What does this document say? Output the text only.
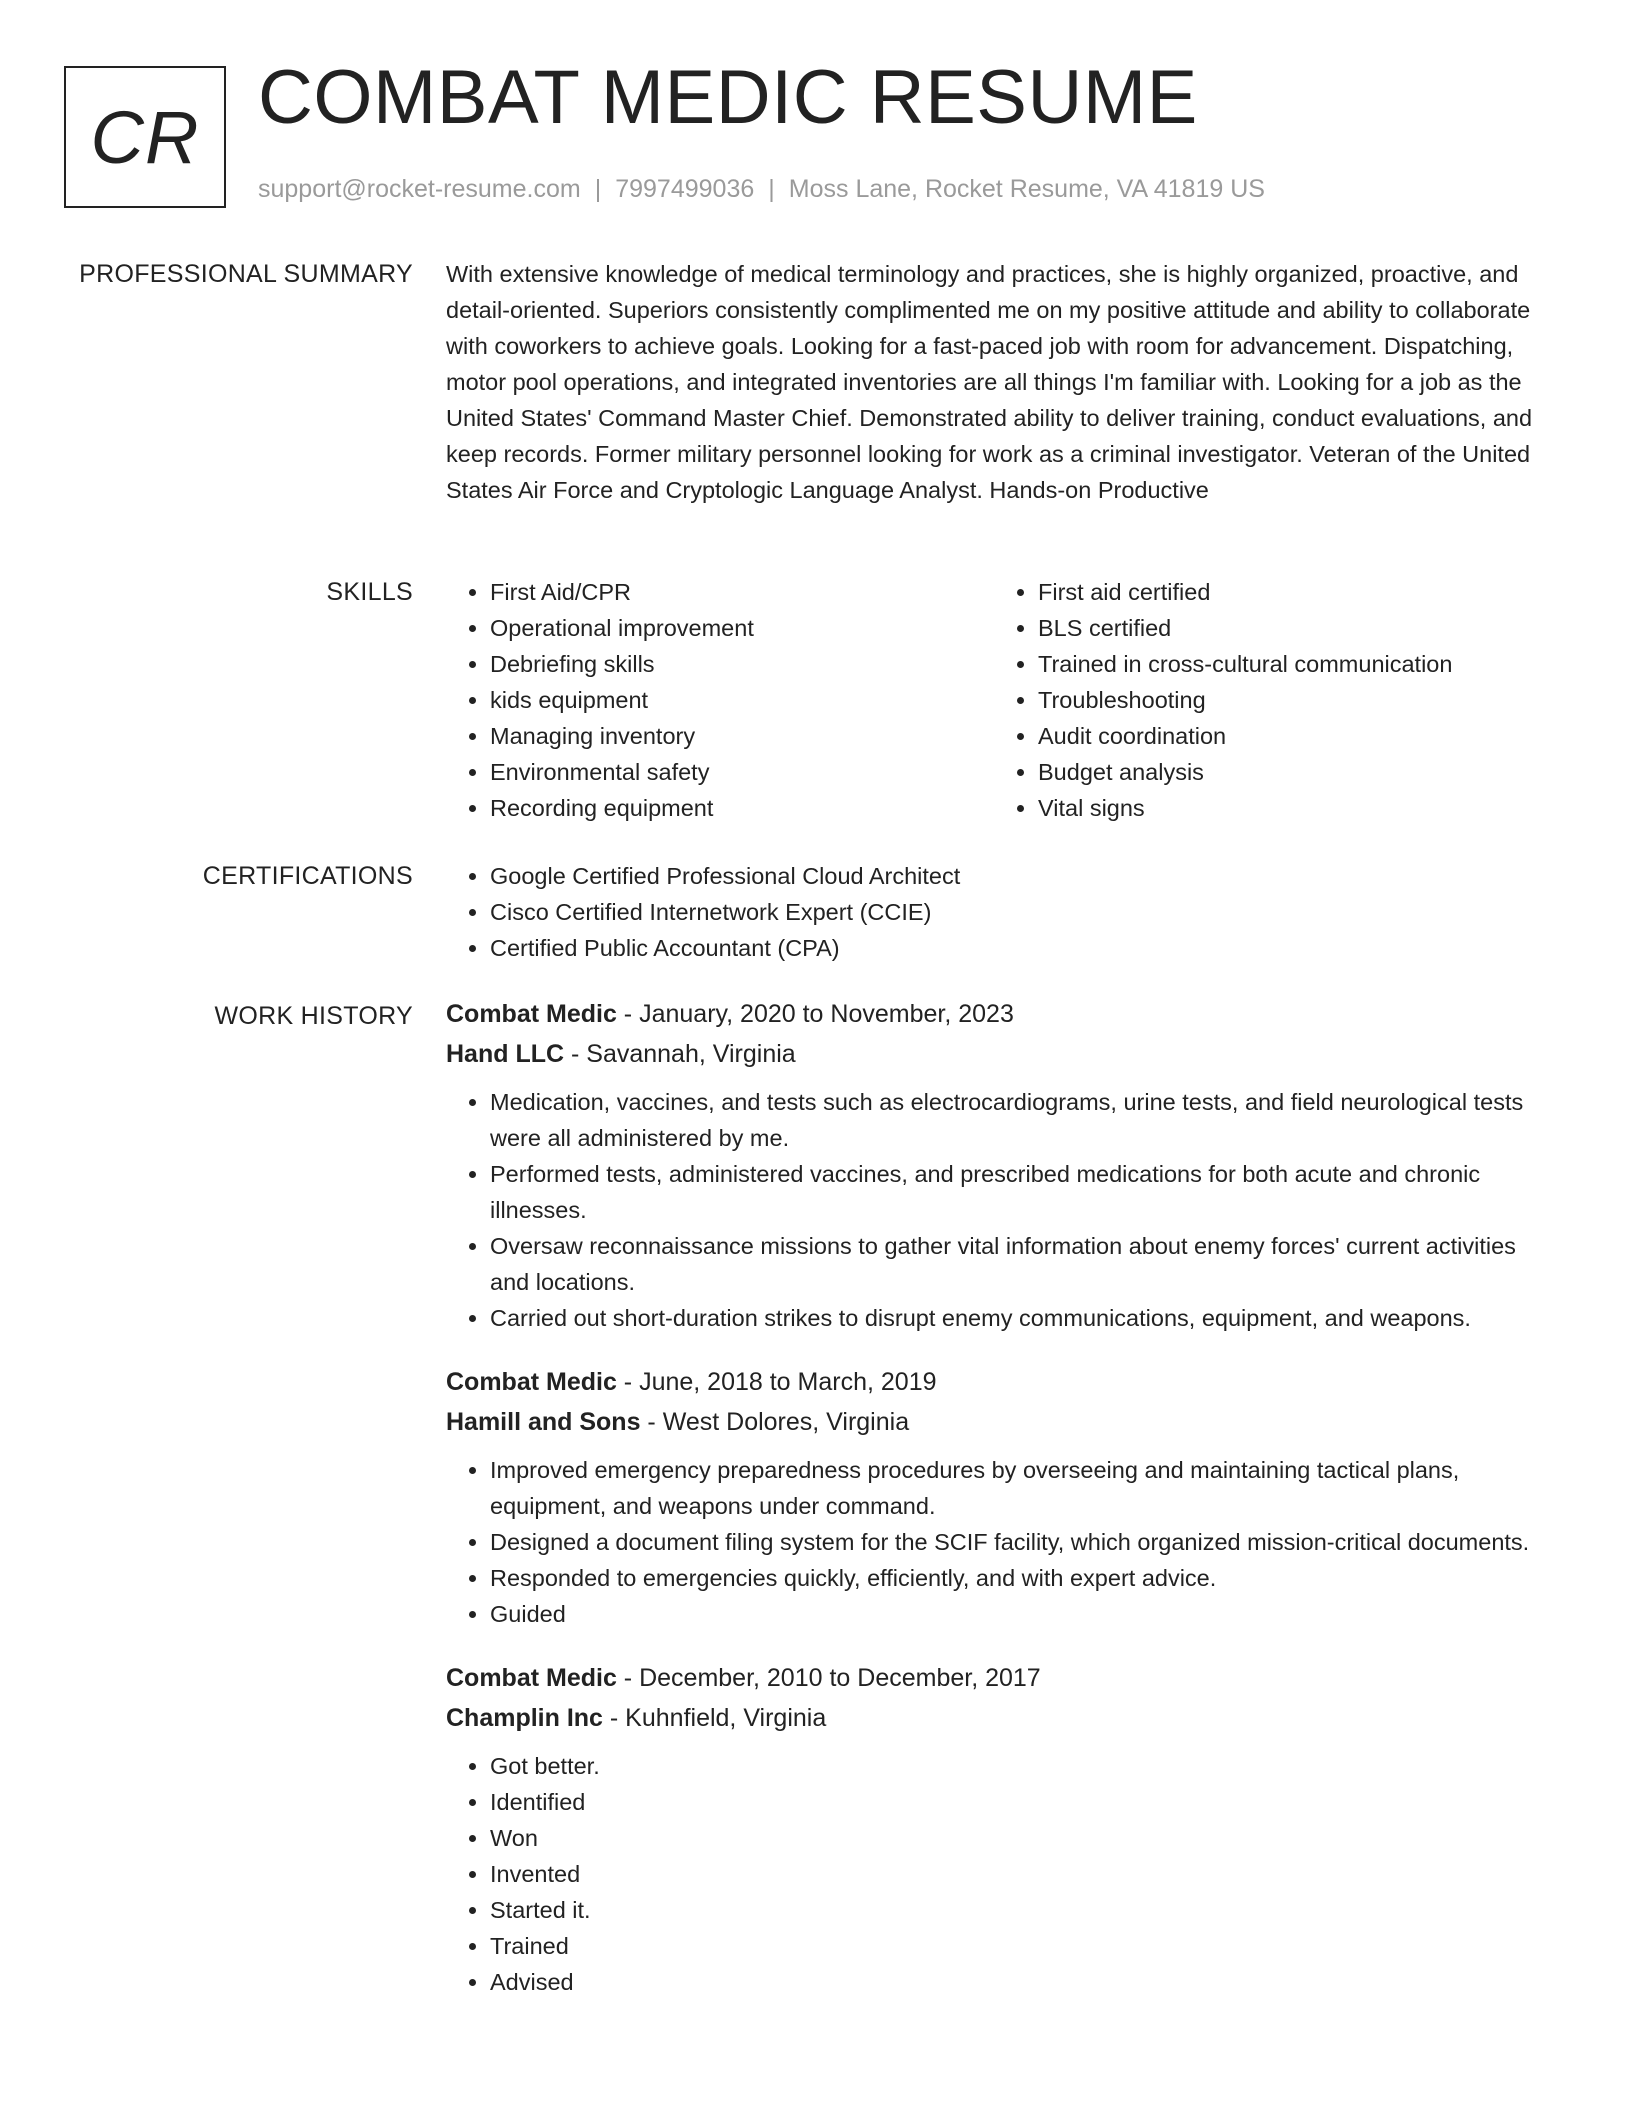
CR COMBAT MEDIC RESUME
support@rocket-resume.com | 7997499036 | Moss Lane, Rocket Resume, VA 41819 US
PROFESSIONAL SUMMARY With extensive knowledge of medical terminology and practices, she is highly organized, proactive, and detail-oriented. Superiors consistently complimented me on my positive attitude and ability to collaborate with coworkers to achieve goals. Looking for a fast-paced job with room for advancement. Dispatching, motor pool operations, and integrated inventories are all things I'm familiar with. Looking for a job as the United States' Command Master Chief. Demonstrated ability to deliver training, conduct evaluations, and keep records. Former military personnel looking for work as a criminal investigator. Veteran of the United States Air Force and Cryptologic Language Analyst. Hands-on Productive
SKILLS	• First Aid/CPR
• Operational improvement
• Debriefing skills
• kids equipment
• Managing inventory
• Environmental safety
• Recording equipment
• First aid certified
• BLS certified
• Trained in cross-cultural communication
• Troubleshooting
• Audit coordination
• Budget analysis
• Vital signs
CERTIFICATIONS	• Google Certified Professional Cloud Architect
• Cisco Certified Internetwork Expert (CCIE)
• Certified Public Accountant (CPA)
WORK HISTORY Combat Medic - January, 2020 to November, 2023
Hand LLC - Savannah, Virginia
• Medication, vaccines, and tests such as electrocardiograms, urine tests, and field neurological tests were all administered by me.
• Performed tests, administered vaccines, and prescribed medications for both acute and chronic illnesses.
• Oversaw reconnaissance missions to gather vital information about enemy forces' current activities and locations.
• Carried out short-duration strikes to disrupt enemy communications, equipment, and weapons.
Combat Medic - June, 2018 to March, 2019
Hamill and Sons - West Dolores, Virginia
• Improved emergency preparedness procedures by overseeing and maintaining tactical plans, equipment, and weapons under command.
• Designed a document filing system for the SCIF facility, which organized mission-critical documents.
• Responded to emergencies quickly, efficiently, and with expert advice.
• Guided
Combat Medic - December, 2010 to December, 2017
Champlin Inc - Kuhnfield, Virginia
• Got better.
• Identified
• Won
• Invented
• Started it.
• Trained
• Advised
